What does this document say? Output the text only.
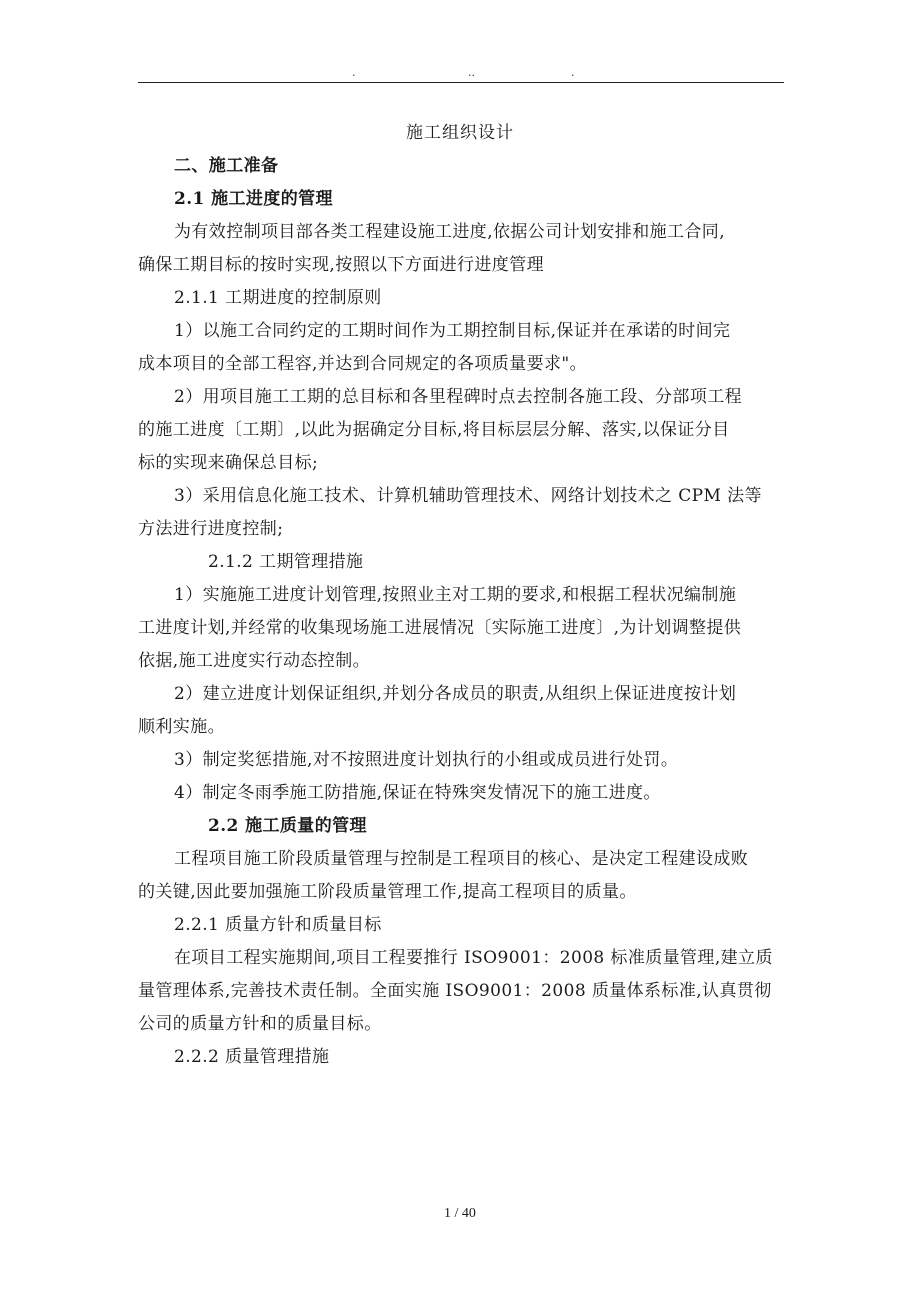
.	..	.
施工组织设计
二、施工准备
2.1 施工进度的管理
为有效控制项目部各类工程建设施工进度,依据公司计划安排和施工合同,
确保工期目标的按时实现,按照以下方面进行进度管理
2.1.1 工期进度的控制原则
1）以施工合同约定的工期时间作为工期控制目标,保证并在承诺的时间完
成本项目的全部工程容,并达到合同规定的各项质量要求"。
2）用项目施工工期的总目标和各里程碑时点去控制各施工段、分部项工程
的施工进度〔工期〕,以此为据确定分目标,将目标层层分解、落实,以保证分目
标的实现来确保总目标;
3）采用信息化施工技术、计算机辅助管理技术、网络计划技术之 CPM 法等
方法进行进度控制;
2.1.2 工期管理措施
1）实施施工进度计划管理,按照业主对工期的要求,和根据工程状况编制施
工进度计划,并经常的收集现场施工进展情况〔实际施工进度〕,为计划调整提供
依据,施工进度实行动态控制。
2）建立进度计划保证组织,并划分各成员的职责,从组织上保证进度按计划
顺利实施。
3）制定奖惩措施,对不按照进度计划执行的小组或成员进行处罚。
4）制定冬雨季施工防措施,保证在特殊突发情况下的施工进度。
2.2 施工质量的管理
工程项目施工阶段质量管理与控制是工程项目的核心、是决定工程建设成败
的关键,因此要加强施工阶段质量管理工作,提高工程项目的质量。
2.2.1 质量方针和质量目标
在项目工程实施期间,项目工程要推行 ISO9001：2008 标准质量管理,建立质
量管理体系,完善技术责任制。全面实施 ISO9001：2008 质量体系标准,认真贯彻
公司的质量方针和的质量目标。
2.2.2 质量管理措施
1 / 40
